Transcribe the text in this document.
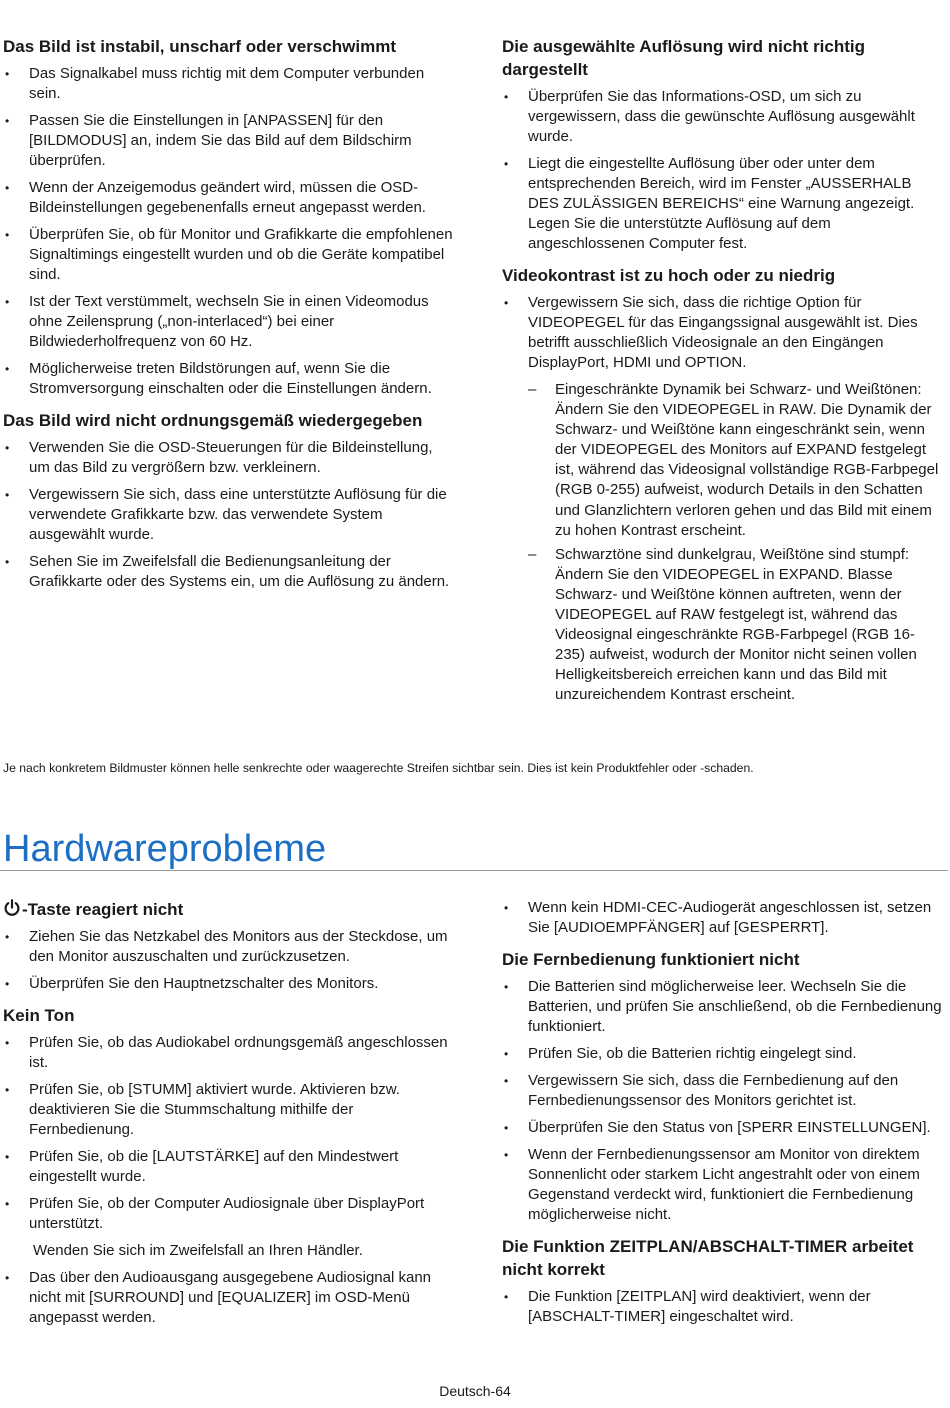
Das Bild ist instabil, unscharf oder verschwimmt
• Das Signalkabel muss richtig mit dem Computer verbunden sein.
• Passen Sie die Einstellungen in [ANPASSEN] für den [BILDMODUS] an, indem Sie das Bild auf dem Bildschirm überprüfen.
• Wenn der Anzeigemodus geändert wird, müssen die OSD-Bildeinstellungen gegebenenfalls erneut angepasst werden.
• Überprüfen Sie, ob für Monitor und Grafikkarte die empfohlenen Signaltimings eingestellt wurden und ob die Geräte kompatibel sind.
• Ist der Text verstümmelt, wechseln Sie in einen Videomodus ohne Zeilensprung („non-interlaced“) bei einer Bildwiederholfrequenz von 60 Hz.
• Möglicherweise treten Bildstörungen auf, wenn Sie die Stromversorgung einschalten oder die Einstellungen ändern.
Das Bild wird nicht ordnungsgemäß wiedergegeben
• Verwenden Sie die OSD-Steuerungen für die Bildeinstellung, um das Bild zu vergrößern bzw. verkleinern.
• Vergewissern Sie sich, dass eine unterstützte Auflösung für die verwendete Grafikkarte bzw. das verwendete System ausgewählt wurde.
• Sehen Sie im Zweifelsfall die Bedienungsanleitung der Grafikkarte oder des Systems ein, um die Auflösung zu ändern.
Die ausgewählte Auflösung wird nicht richtig dargestellt
• Überprüfen Sie das Informations-OSD, um sich zu vergewissern, dass die gewünschte Auflösung ausgewählt wurde.
• Liegt die eingestellte Auflösung über oder unter dem entsprechenden Bereich, wird im Fenster „AUSSERHALB DES ZULÄSSIGEN BEREICHS“ eine Warnung angezeigt. Legen Sie die unterstützte Auflösung auf dem angeschlossenen Computer fest.
Videokontrast ist zu hoch oder zu niedrig
• Vergewissern Sie sich, dass die richtige Option für VIDEOPEGEL für das Eingangssignal ausgewählt ist. Dies betrifft ausschließlich Videosignale an den Eingängen DisplayPort, HDMI und OPTION.
– Eingeschränkte Dynamik bei Schwarz- und Weißtönen: Ändern Sie den VIDEOPEGEL in RAW. Die Dynamik der Schwarz- und Weißtöne kann eingeschränkt sein, wenn der VIDEOPEGEL des Monitors auf EXPAND festgelegt ist, während das Videosignal vollständige RGB-Farbpegel (RGB 0-255) aufweist, wodurch Details in den Schatten und Glanzlichtern verloren gehen und das Bild mit einem zu hohen Kontrast erscheint.
– Schwarztöne sind dunkelgrau, Weißtöne sind stumpf: Ändern Sie den VIDEOPEGEL in EXPAND. Blasse Schwarz- und Weißtöne können auftreten, wenn der VIDEOPEGEL auf RAW festgelegt ist, während das Videosignal eingeschränkte RGB-Farbpegel (RGB 16-235) aufweist, wodurch der Monitor nicht seinen vollen Helligkeitsbereich erreichen kann und das Bild mit unzureichendem Kontrast erscheint.
Je nach konkretem Bildmuster können helle senkrechte oder waagerechte Streifen sichtbar sein. Dies ist kein Produktfehler oder -schaden.
Hardwareprobleme
-Taste reagiert nicht
• Ziehen Sie das Netzkabel des Monitors aus der Steckdose, um den Monitor auszuschalten und zurückzusetzen.
• Überprüfen Sie den Hauptnetzschalter des Monitors.
Kein Ton
• Prüfen Sie, ob das Audiokabel ordnungsgemäß angeschlossen ist.
• Prüfen Sie, ob [STUMM] aktiviert wurde. Aktivieren bzw. deaktivieren Sie die Stummschaltung mithilfe der Fernbedienung.
• Prüfen Sie, ob die [LAUTSTÄRKE] auf den Mindestwert eingestellt wurde.
• Prüfen Sie, ob der Computer Audiosignale über DisplayPort unterstützt.

Wenden Sie sich im Zweifelsfall an Ihren Händler.

• Das über den Audioausgang ausgegebene Audiosignal kann nicht mit [SURROUND] und [EQUALIZER] im OSD-Menü angepasst werden.
• Wenn kein HDMI-CEC-Audiogerät angeschlossen ist, setzen Sie [AUDIOEMPFÄNGER] auf [GESPERRT].
Die Fernbedienung funktioniert nicht
• Die Batterien sind möglicherweise leer. Wechseln Sie die Batterien, und prüfen Sie anschließend, ob die Fernbedienung funktioniert.
• Prüfen Sie, ob die Batterien richtig eingelegt sind.
• Vergewissern Sie sich, dass die Fernbedienung auf den Fernbedienungssensor des Monitors gerichtet ist.
• Überprüfen Sie den Status von [SPERR EINSTELLUNGEN].
• Wenn der Fernbedienungssensor am Monitor von direktem Sonnenlicht oder starkem Licht angestrahlt oder von einem Gegenstand verdeckt wird, funktioniert die Fernbedienung möglicherweise nicht.
Die Funktion ZEITPLAN/ABSCHALT-TIMER arbeitet nicht korrekt
• Die Funktion [ZEITPLAN] wird deaktiviert, wenn der [ABSCHALT-TIMER] eingeschaltet wird.
Deutsch-64
